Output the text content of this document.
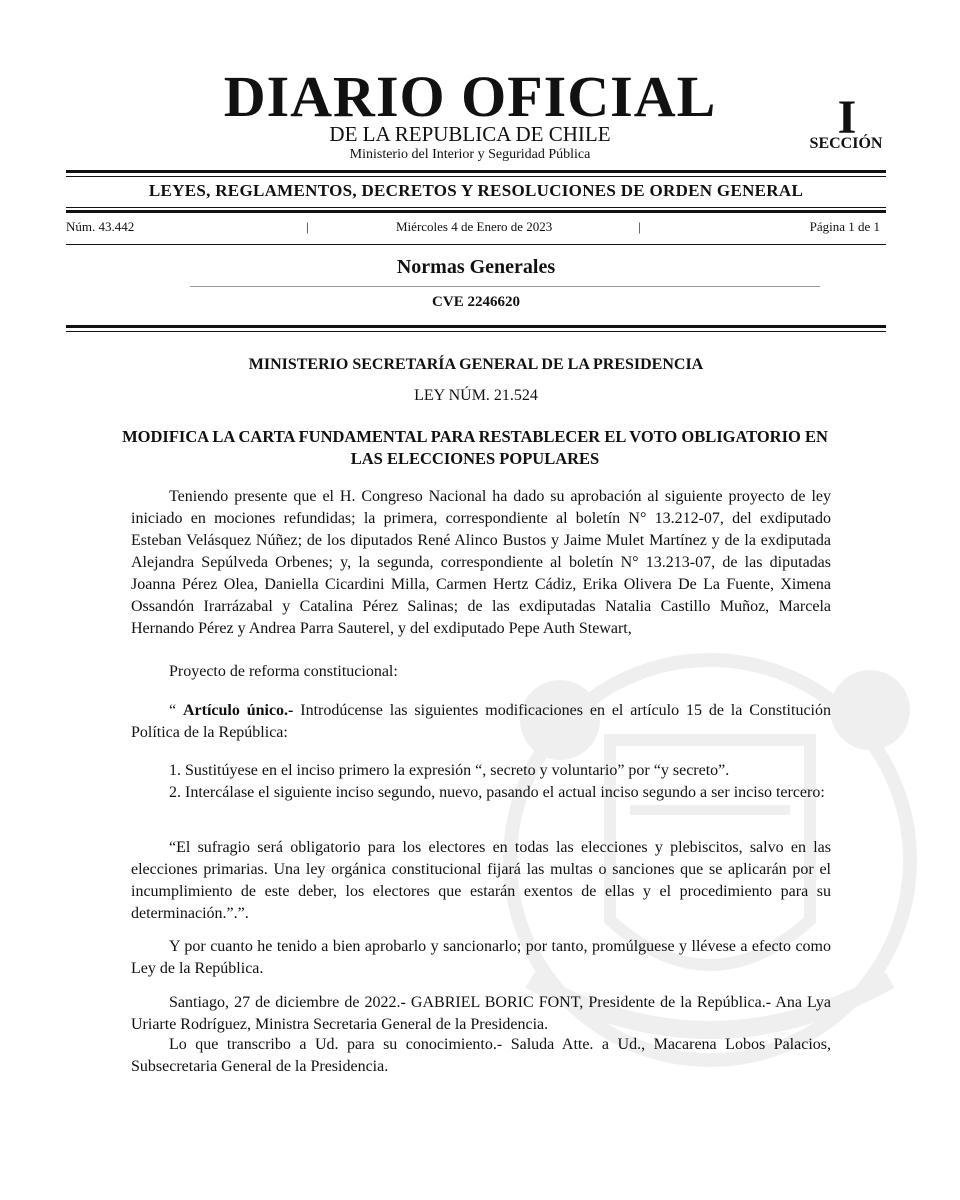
DIARIO OFICIAL
DE LA REPUBLICA DE CHILE
Ministerio del Interior y Seguridad Pública
I
SECCIÓN
LEYES, REGLAMENTOS, DECRETOS Y RESOLUCIONES DE ORDEN GENERAL
Núm. 43.442	|	Miércoles 4 de Enero de 2023	|	Página 1 de 1
Normas Generales
CVE 2246620
MINISTERIO SECRETARÍA GENERAL DE LA PRESIDENCIA
LEY NÚM. 21.524
MODIFICA LA CARTA FUNDAMENTAL PARA RESTABLECER EL VOTO OBLIGATORIO EN LAS ELECCIONES POPULARES

Teniendo presente que el H. Congreso Nacional ha dado su aprobación al siguiente proyecto de ley iniciado en mociones refundidas; la primera, correspondiente al boletín N° 13.212-07, del exdiputado Esteban Velásquez Núñez; de los diputados René Alinco Bustos y Jaime Mulet Martínez y de la exdiputada Alejandra Sepúlveda Orbenes; y, la segunda, correspondiente al boletín N° 13.213-07, de las diputadas Joanna Pérez Olea, Daniella Cicardini Milla, Carmen Hertz Cádiz, Erika Olivera De La Fuente, Ximena Ossandón Irarrázabal y Catalina Pérez Salinas; de las exdiputadas Natalia Castillo Muñoz, Marcela Hernando Pérez y Andrea Parra Sauterel, y del exdiputado Pepe Auth Stewart,

Proyecto de reforma constitucional:

“ Artículo único.- Introdúcense las siguientes modificaciones en el artículo 15 de la Constitución Política de la República:

1. Sustitúyese en el inciso primero la expresión “, secreto y voluntario” por “y secreto”.

2. Intercálase el siguiente inciso segundo, nuevo, pasando el actual inciso segundo a ser inciso tercero:

“El sufragio será obligatorio para los electores en todas las elecciones y plebiscitos, salvo en las elecciones primarias. Una ley orgánica constitucional fijará las multas o sanciones que se aplicarán por el incumplimiento de este deber, los electores que estarán exentos de ellas y el procedimiento para su determinación.”.”.

Y por cuanto he tenido a bien aprobarlo y sancionarlo; por tanto, promúlguese y llévese a efecto como Ley de la República.

Santiago, 27 de diciembre de 2022.- GABRIEL BORIC FONT, Presidente de la República.- Ana Lya Uriarte Rodríguez, Ministra Secretaria General de la Presidencia.

Lo que transcribo a Ud. para su conocimiento.- Saluda Atte. a Ud., Macarena Lobos Palacios, Subsecretaria General de la Presidencia.
